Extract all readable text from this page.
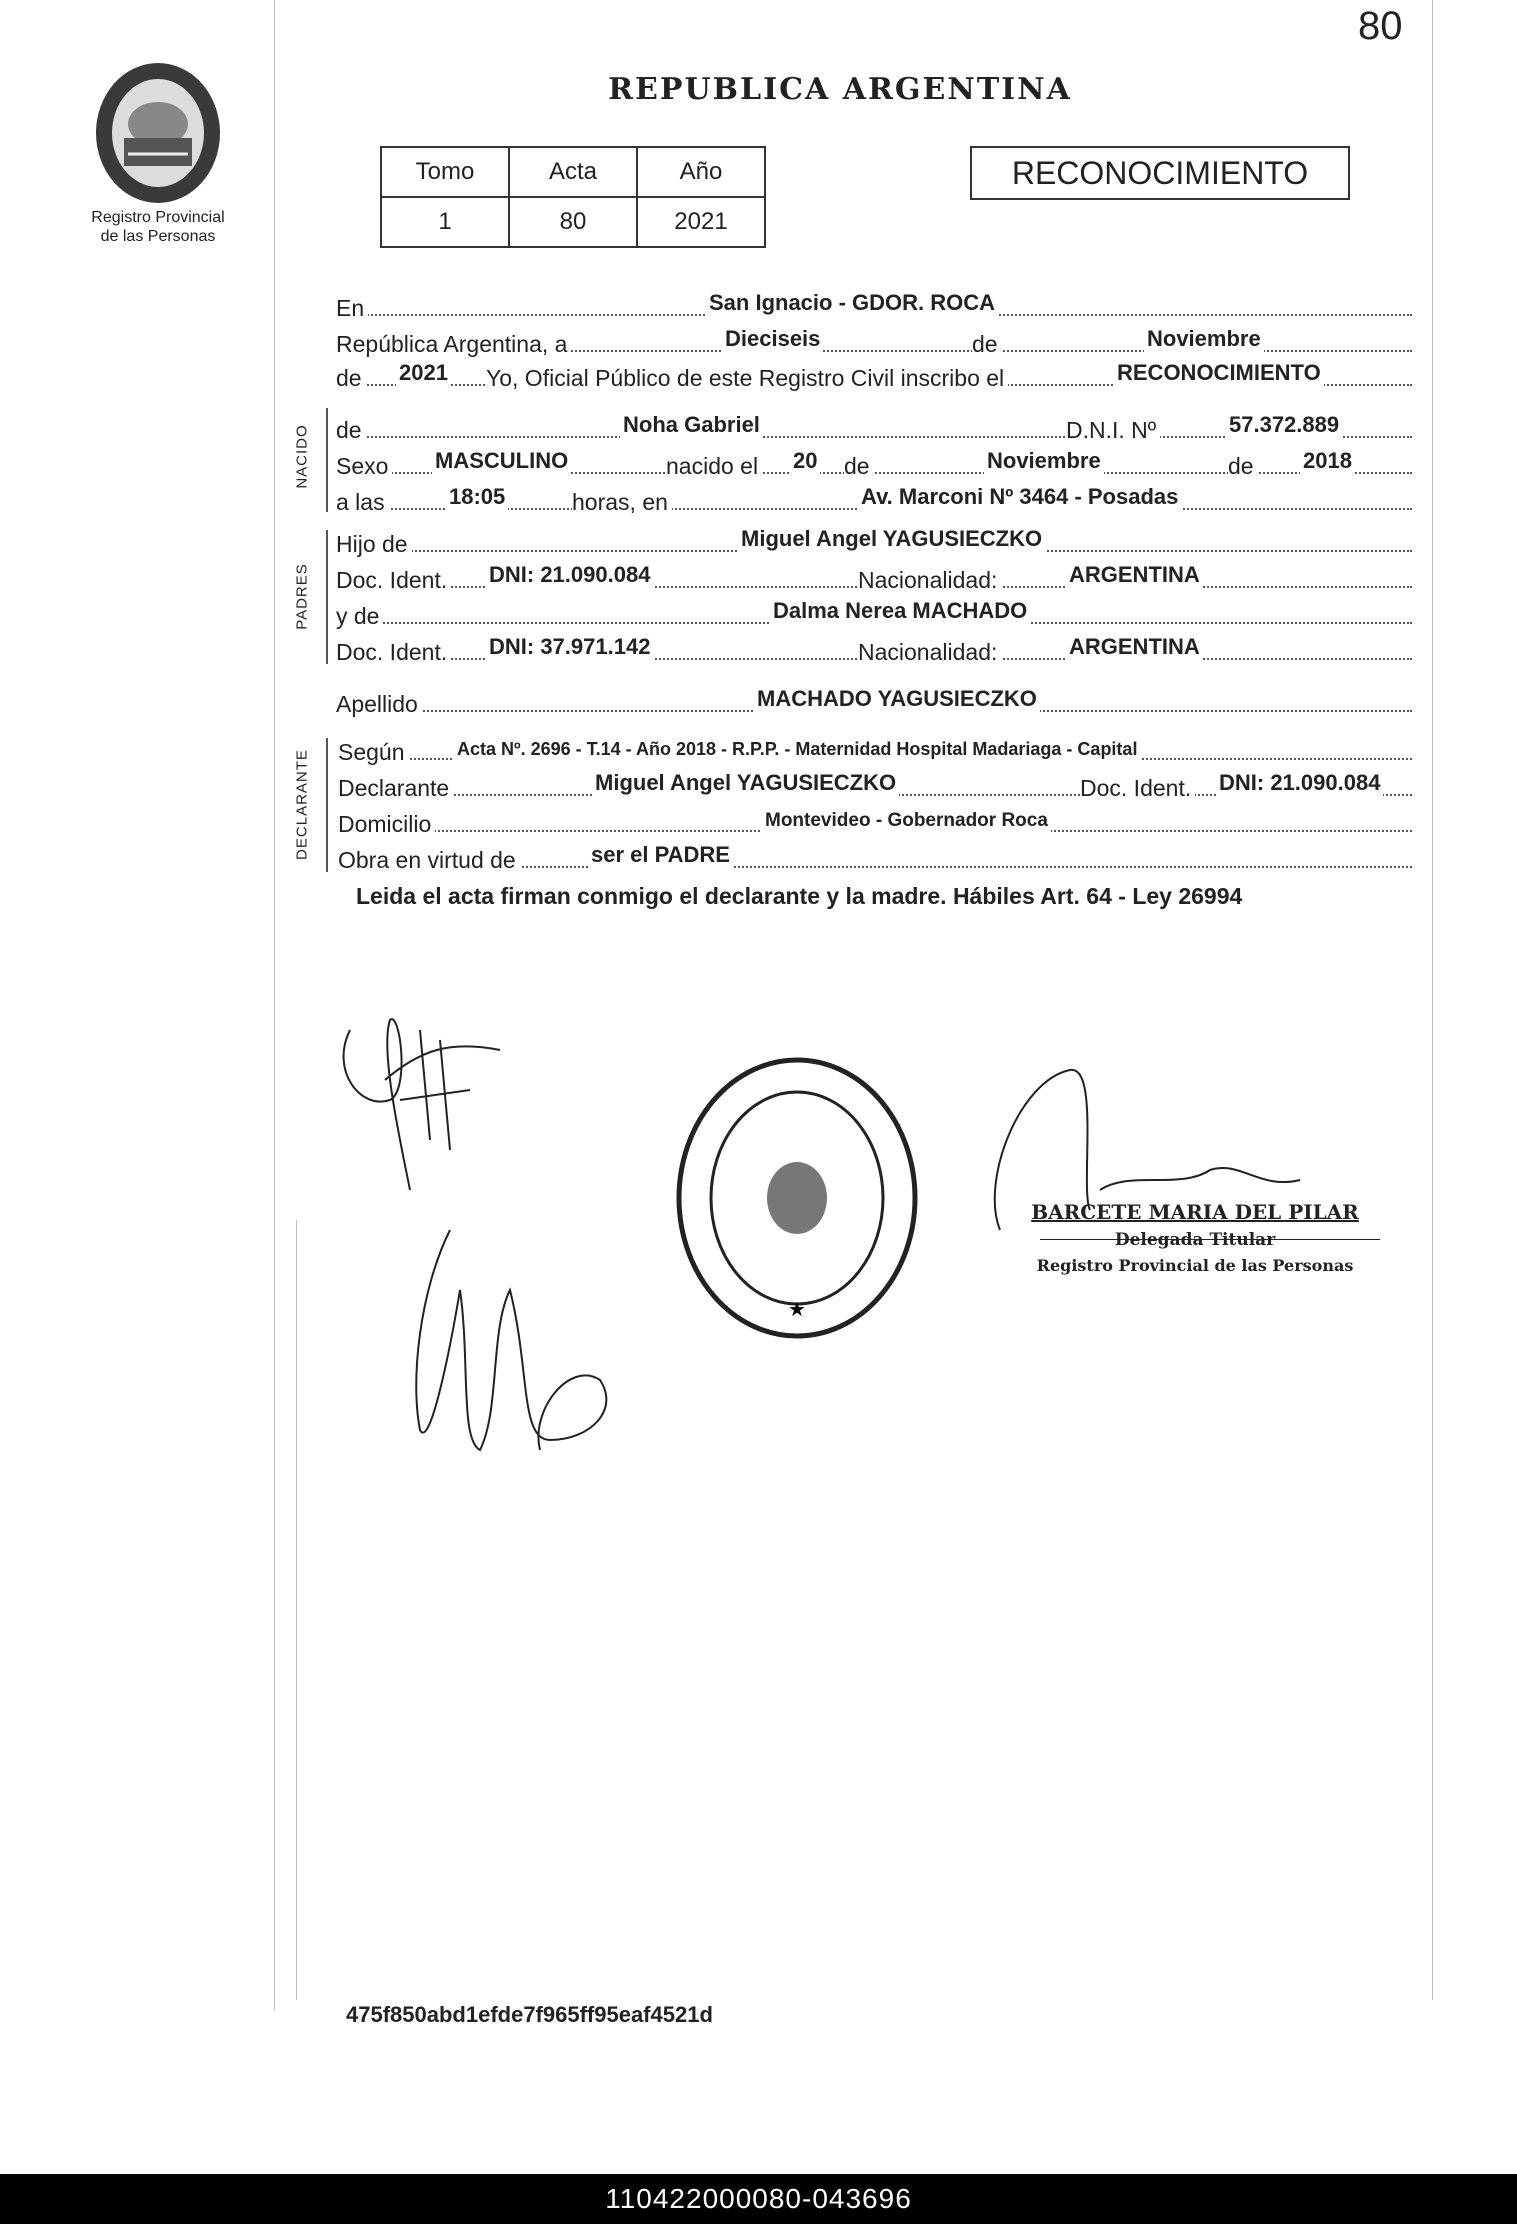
80
Registro Provincial
de las Personas
REPUBLICA ARGENTINA
Tomo	Acta	Año
1	80	2021
RECONOCIMIENTO
En	San Ignacio - GDOR. ROCA
República Argentina, a	Dieciseis	de	Noviembre
de 2021 Yo, Oficial Público de este Registro Civil inscribo el	RECONOCIMIENTO
NACIDO de	Noha Gabriel	D.N.I. Nº	57.372.889
Sexo MASCULINO	nacido el 20 de	Noviembre	de 2018
a las	18:05	horas, en	Av. Marconi Nº 3464 - Posadas
PADRES
Hijo de	Miguel Angel YAGUSIECZKO
Doc. Ident. DNI: 21.090.084	Nacionalidad:	ARGENTINA
y de	Dalma Nerea MACHADO
Doc. Ident. DNI: 37.971.142	Nacionalidad:	ARGENTINA
Apellido	MACHADO YAGUSIECZKO
DECLARANTE Según	Acta Nº. 2696 - T.14 - Año 2018 - R.P.P. - Maternidad Hospital Madariaga - Capital
Declarante	Miguel Angel YAGUSIECZKO	Doc. Ident. DNI: 21.090.084
Domicilio	Montevideo - Gobernador Roca
Obra en virtud de	ser el PADRE
Leida el acta firman conmigo el declarante y la madre. Hábiles Art. 64 - Ley 26994
★
BARCETE MARIA DEL PILAR
Delegada Titular
Registro Provincial de las Personas
475f850abd1efde7f965ff95eaf4521d
110422000080-043696
